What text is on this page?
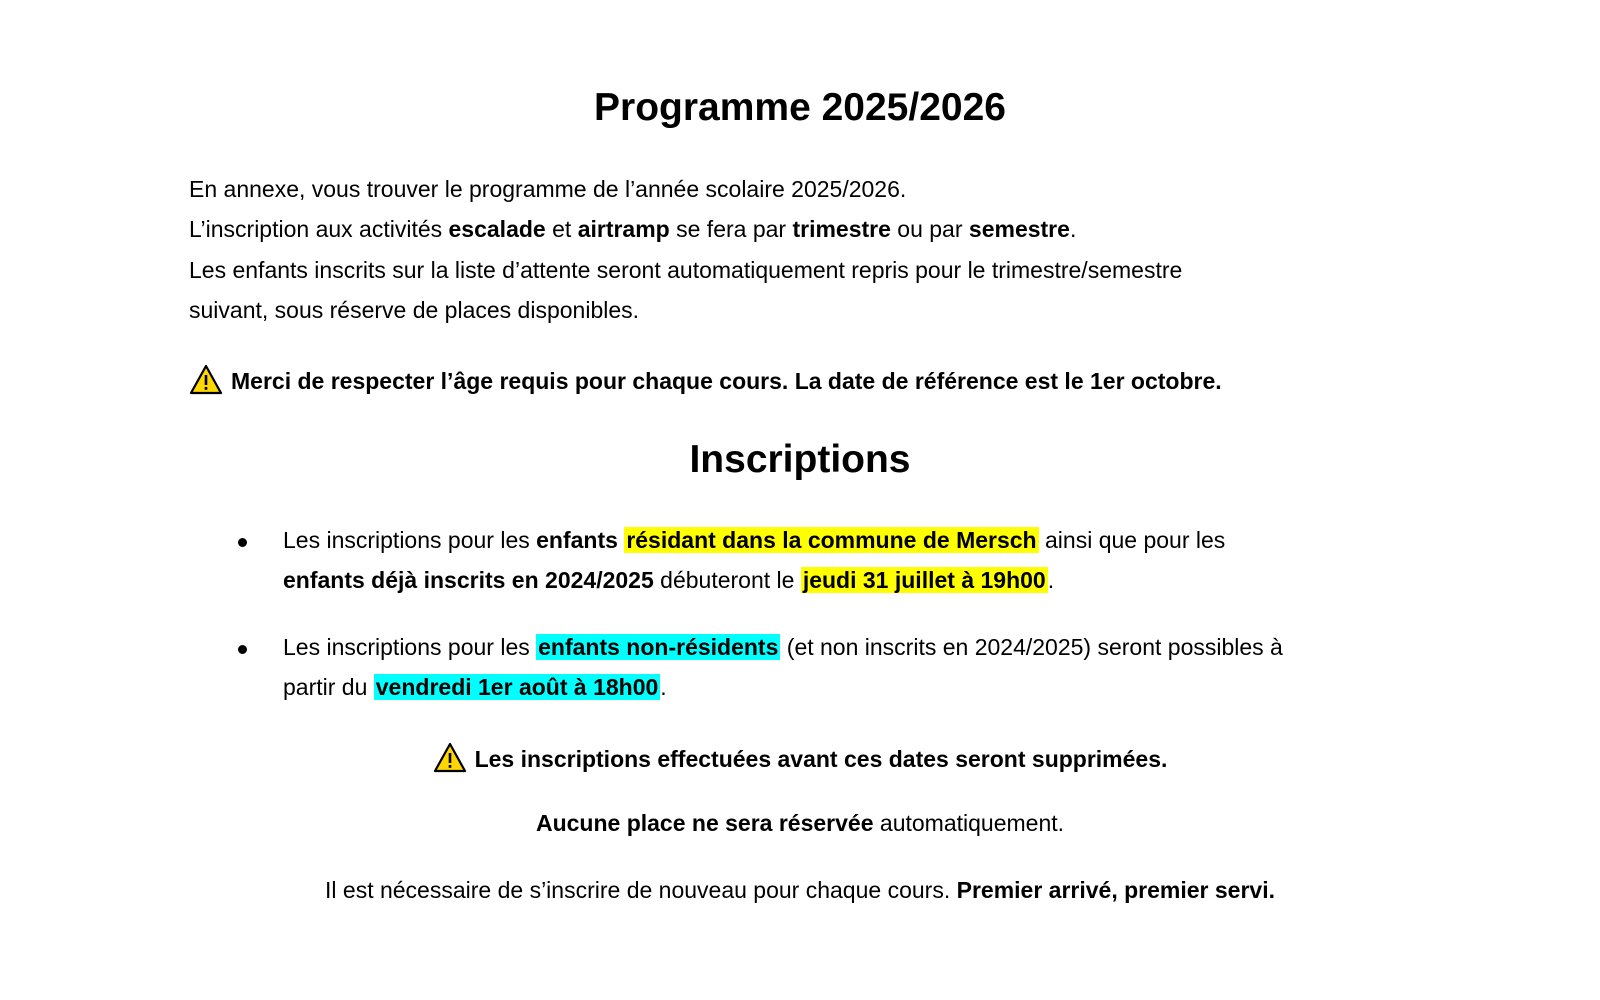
Programme 2025/2026
En annexe, vous trouver le programme de l’année scolaire 2025/2026.
L’inscription aux activités escalade et airtramp se fera par trimestre ou par semestre.
Les enfants inscrits sur la liste d’attente seront automatiquement repris pour le trimestre/semestre
suivant, sous réserve de places disponibles.
Merci de respecter l’âge requis pour chaque cours. La date de référence est le 1er octobre.
Inscriptions
Les inscriptions pour les enfants résidant dans la commune de Mersch ainsi que pour les
enfants déjà inscrits en 2024/2025 débuteront le jeudi 31 juillet à 19h00.
Les inscriptions pour les enfants non-résidents (et non inscrits en 2024/2025) seront possibles à
partir du vendredi 1er août à 18h00.
Les inscriptions effectuées avant ces dates seront supprimées.
Aucune place ne sera réservée automatiquement.
Il est nécessaire de s’inscrire de nouveau pour chaque cours. Premier arrivé, premier servi.
